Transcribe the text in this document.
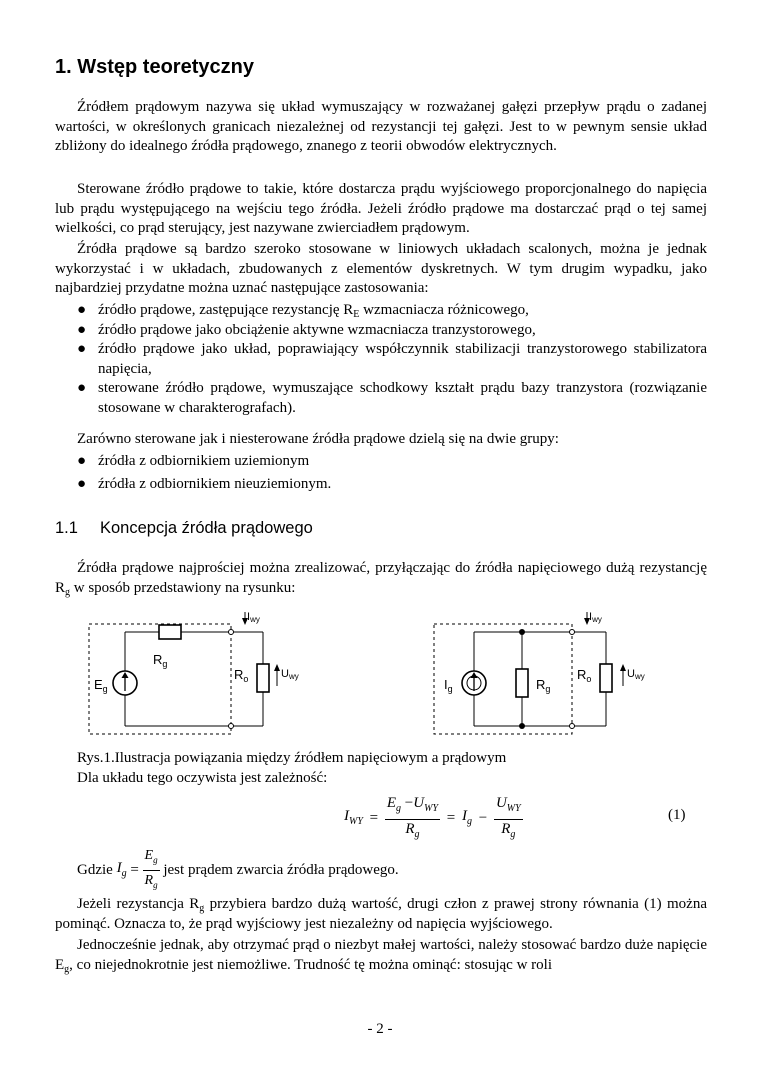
1. Wstęp teoretyczny

Źródłem prądowym nazywa się układ wymuszający w rozważanej gałęzi przepływ prądu o zadanej wartości, w określonych granicach niezależnej od rezystancji tej gałęzi. Jest to w pewnym sensie układ zbliżony do idealnego źródła prądowego, znanego z teorii obwodów elektrycznych.

Sterowane źródło prądowe to takie, które dostarcza prądu wyjściowego proporcjonalnego do napięcia lub prądu występującego na wejściu tego źródła. Jeżeli źródło prądowe ma dostarczać prąd o tej samej wielkości, co prąd sterujący, jest nazywane zwierciadłem prądowym.

Źródła prądowe są bardzo szeroko stosowane w liniowych układach scalonych, można je jednak wykorzystać i w układach, zbudowanych z elementów dyskretnych. W tym drugim wypadku, jako najbardziej przydatne można uznać następujące zastosowania:

● źródło prądowe, zastępujące rezystancję $R_E$ wzmacniacza różnicowego,
● źródło prądowe jako obciążenie aktywne wzmacniacza tranzystorowego,
● źródło prądowe jako układ, poprawiający współczynnik stabilizacji tranzystorowego stabilizatora napięcia,
● sterowane źródło prądowe, wymuszające schodkowy kształt prądu bazy tranzystora (rozwiązanie stosowane w charakterografach).

Zarówno sterowane jak i niesterowane źródła prądowe dzielą się na dwie grupy:

● źródła z odbiornikiem uziemionym
● źródła z odbiornikiem nieuziemionym.
1.1 Koncepcja źródła prądowego

Źródła prądowe najprościej można zrealizować, przyłączając do źródła napięciowego dużą rezystancję $R_g$ w sposób przedstawiony na rysunku:

$R_g$
$E_g$
$R_o$
Iwy
Uwy
$I_g$	$R_g$
$R_o$
Iwy
Uwy
Rys.1.Ilustracja powiązania między źródłem napięciowym a prądowym
Dla układu tego oczywista jest zależność:
$I_{WY} = \frac{E_g -U_{WY}}{R_g} = I_g - \frac{U_{WY}}{R_g}$	(1)
Gdzie $I_g = \frac{E_g}{R_g}$ jest prądem zwarcia źródła prądowego.

Jeżeli rezystancja $R_g$ przybiera bardzo dużą wartość, drugi człon z prawej strony równania (1) można pominąć. Oznacza to, że prąd wyjściowy jest niezależny od napięcia wyjściowego.

Jednocześnie jednak, aby otrzymać prąd o niezbyt małej wartości, należy stosować bardzo duże napięcie $E_g$, co niejednokrotnie jest niemożliwe. Trudność tę można ominąć: stosując w roli

- 2 -
